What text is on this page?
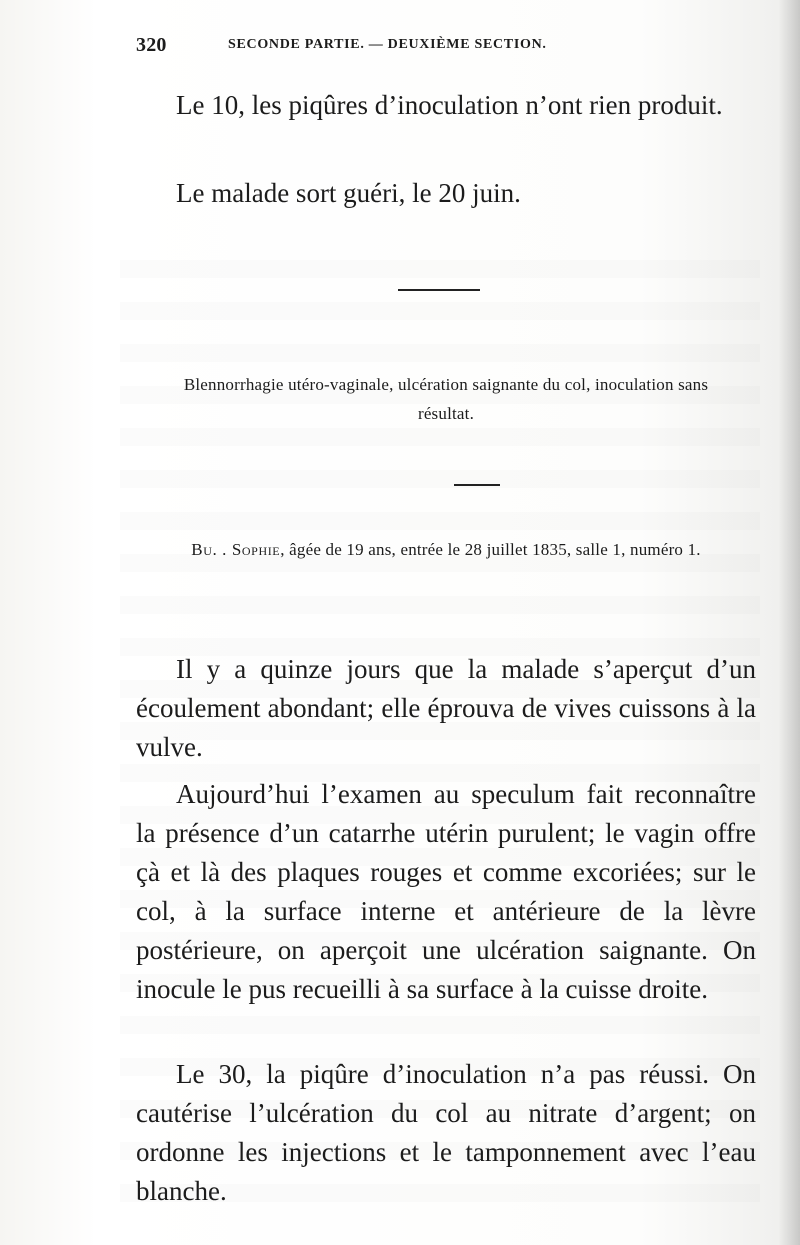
320	SECONDE PARTIE. — DEUXIÈME SECTION.
Le 10, les piqûres d’inoculation n’ont rien produit.
Le malade sort guéri, le 20 juin.
Blennorrhagie utéro-vaginale, ulcération saignante du col, inoculation sans résultat.
Bu. . Sophie, âgée de 19 ans, entrée le 28 juillet 1835, salle 1, numéro 1.
Il y a quinze jours que la malade s’aperçut d’un écoulement abondant; elle éprouva de vives cuissons à la vulve.
Aujourd’hui l’examen au speculum fait reconnaître la présence d’un catarrhe utérin purulent; le vagin offre çà et là des plaques rouges et comme excoriées; sur le col, à la surface interne et antérieure de la lèvre postérieure, on aperçoit une ulcération saignante. On inocule le pus recueilli à sa surface à la cuisse droite.
Le 30, la piqûre d’inoculation n’a pas réussi. On cautérise l’ulcération du col au nitrate d’argent; on ordonne les injections et le tamponnement avec l’eau blanche.
